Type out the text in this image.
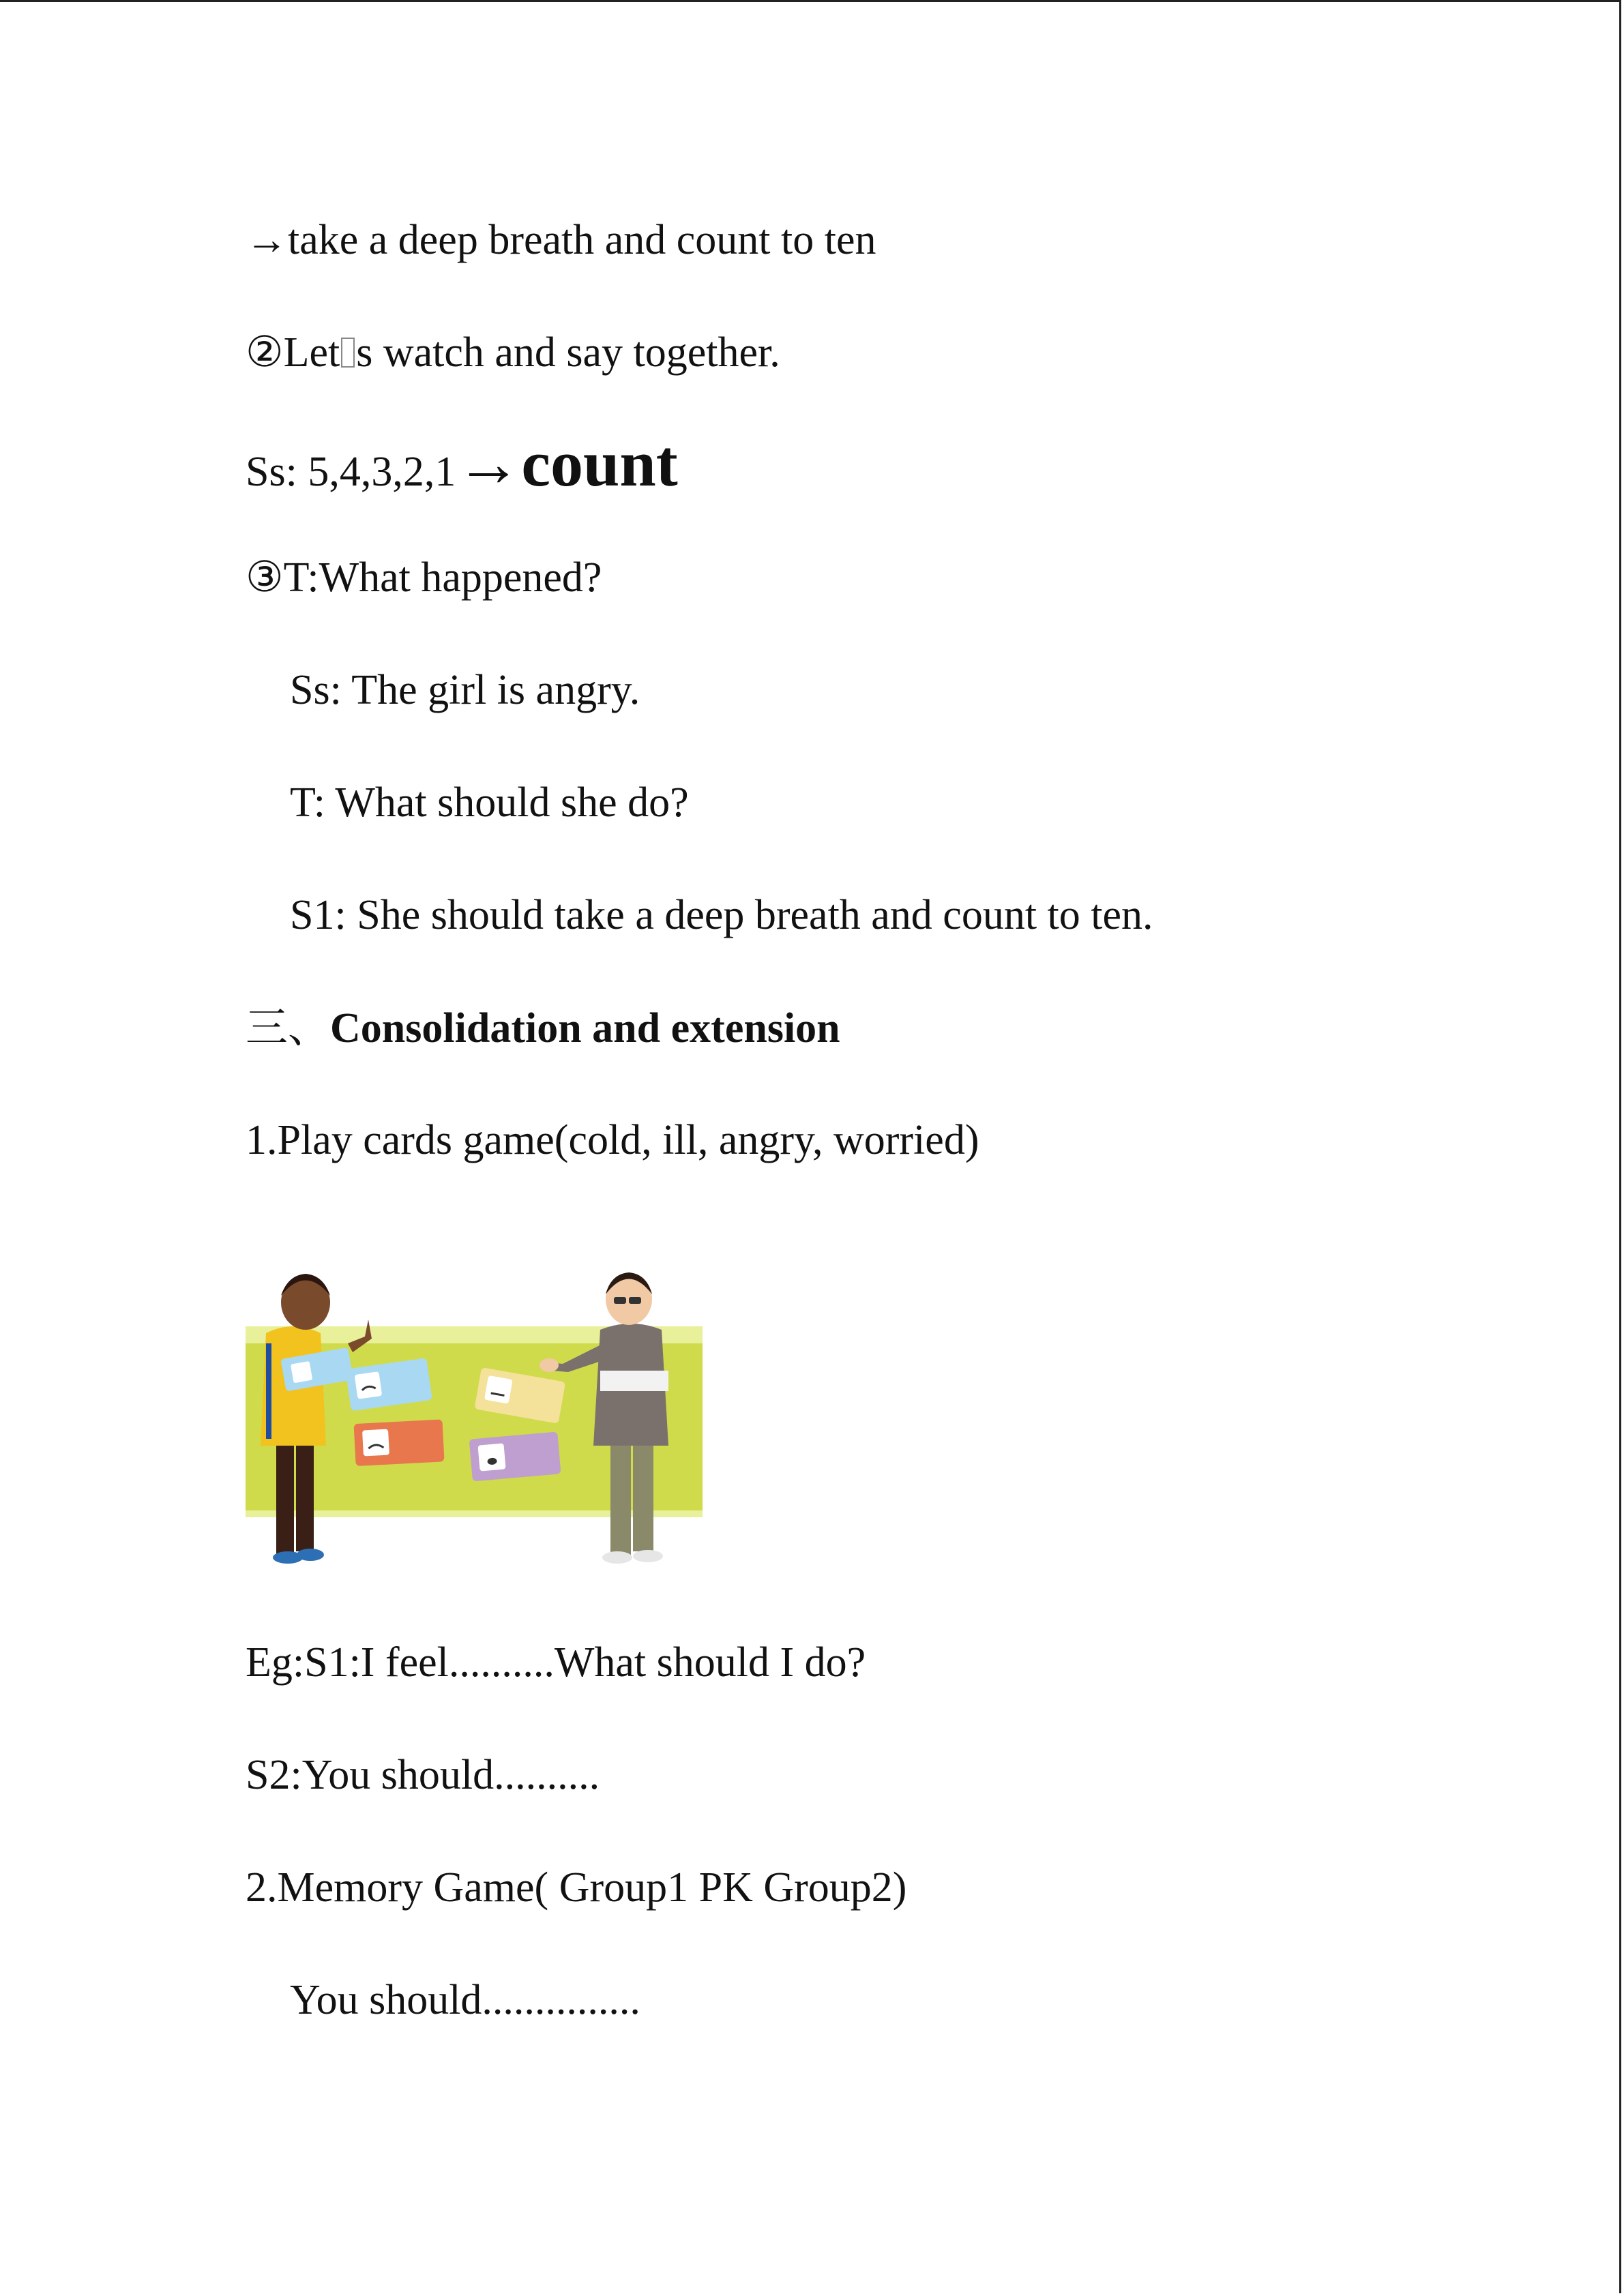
→take a deep breath and count to ten
②Let s watch and say together.
Ss: 5,4,3,2,1→count
③T:What happened?
Ss: The girl is angry.
T: What should she do?
S1: She should take a deep breath and count to ten.
三、Consolidation and extension
1.Play cards game(cold, ill, angry, worried)
Eg:S1:I feel..........What should I do?
S2:You should..........
2.Memory Game( Group1 PK Group2)
You should...............
